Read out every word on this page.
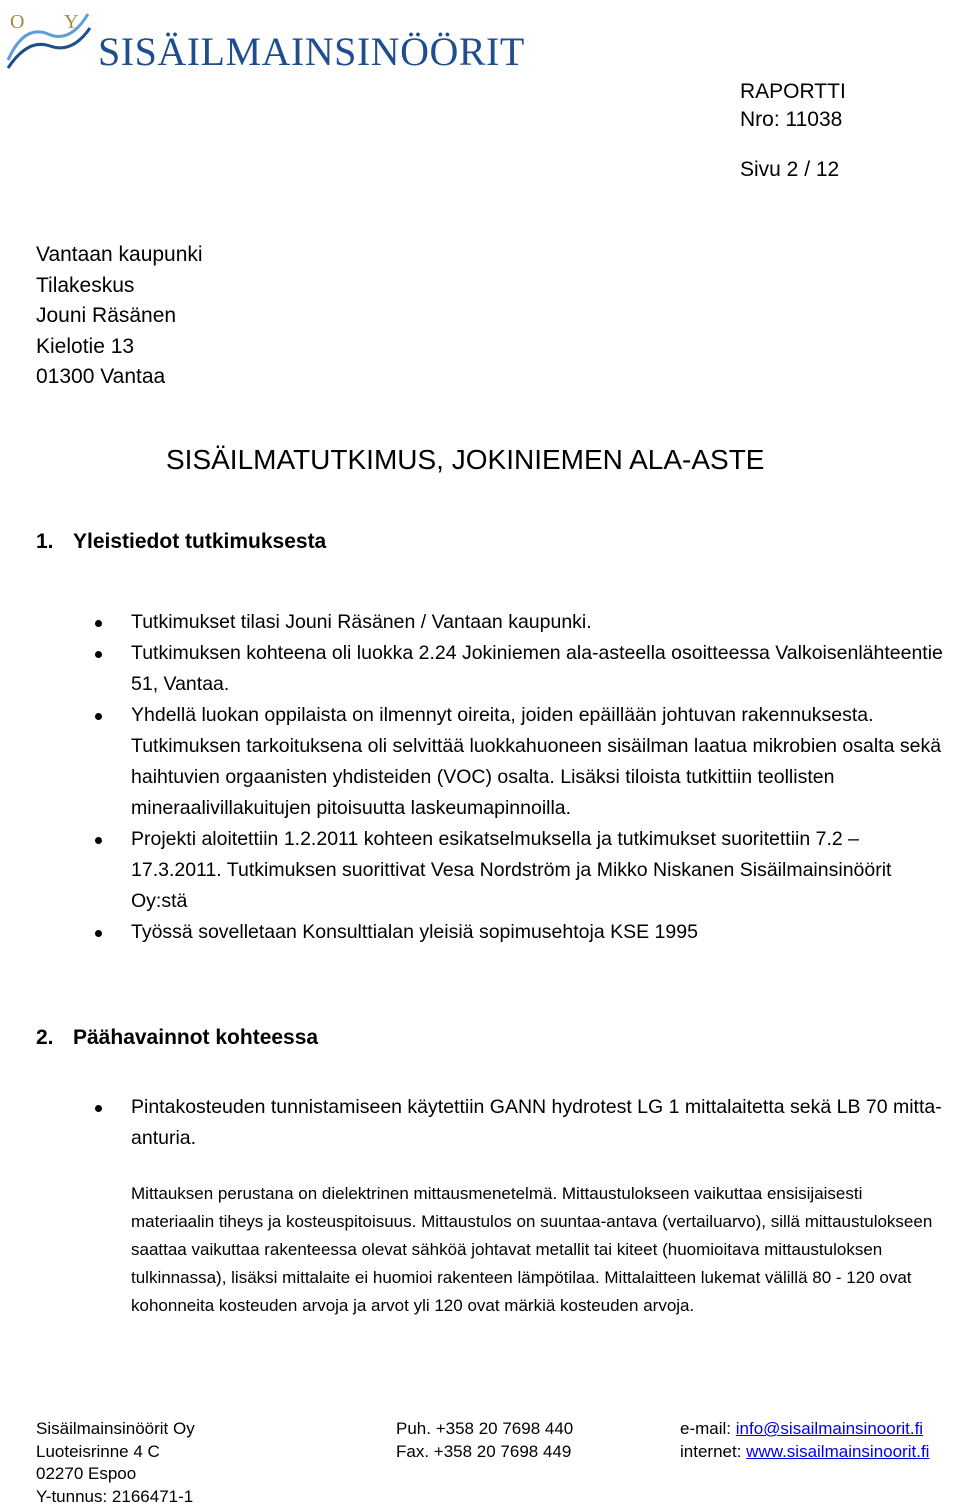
O Y
SISÄILMAINSINÖÖRIT
RAPORTTI
Nro: 11038
Sivu 2 / 12
Vantaan kaupunki
Tilakeskus
Jouni Räsänen
Kielotie 13
01300 Vantaa
SISÄILMATUTKIMUS, JOKINIEMEN ALA-ASTE
1. Yleistiedot tutkimuksesta
Tutkimukset tilasi Jouni Räsänen / Vantaan kaupunki.
Tutkimuksen kohteena oli luokka 2.24 Jokiniemen ala-asteella osoitteessa Valkoisenlähteentie 51, Vantaa.
Yhdellä luokan oppilaista on ilmennyt oireita, joiden epäillään johtuvan rakennuksesta. Tutkimuksen tarkoituksena oli selvittää luokkahuoneen sisäilman laatua mikrobien osalta sekä haihtuvien orgaanisten yhdisteiden (VOC) osalta. Lisäksi tiloista tutkittiin teollisten mineraalivillakuitujen pitoisuutta laskeumapinnoilla.
Projekti aloitettiin 1.2.2011 kohteen esikatselmuksella ja tutkimukset suoritettiin 7.2 – 17.3.2011. Tutkimuksen suorittivat Vesa Nordström ja Mikko Niskanen Sisäilmainsinöörit Oy:stä
Työssä sovelletaan Konsulttialan yleisiä sopimusehtoja KSE 1995
2. Päähavainnot kohteessa
Pintakosteuden tunnistamiseen käytettiin GANN hydrotest LG 1 mittalaitetta sekä LB 70 mitta-anturia.
Mittauksen perustana on dielektrinen mittausmenetelmä. Mittaustulokseen vaikuttaa ensisijaisesti materiaalin tiheys ja kosteuspitoisuus. Mittaustulos on suuntaa-antava (vertailuarvo), sillä mittaustulokseen saattaa vaikuttaa rakenteessa olevat sähköä johtavat metallit tai kiteet (huomioitava mittaustuloksen tulkinnassa), lisäksi mittalaite ei huomioi rakenteen lämpötilaa. Mittalaitteen lukemat välillä 80 - 120 ovat kohonneita kosteuden arvoja ja arvot yli 120 ovat märkiä kosteuden arvoja.
Sisäilmainsinöörit Oy
Luoteisrinne 4 C
02270 Espoo
Y-tunnus: 2166471-1
Puh. +358 20 7698 440
Fax. +358 20 7698 449
e-mail: info@sisailmainsinoorit.fi
internet: www.sisailmainsinoorit.fi
